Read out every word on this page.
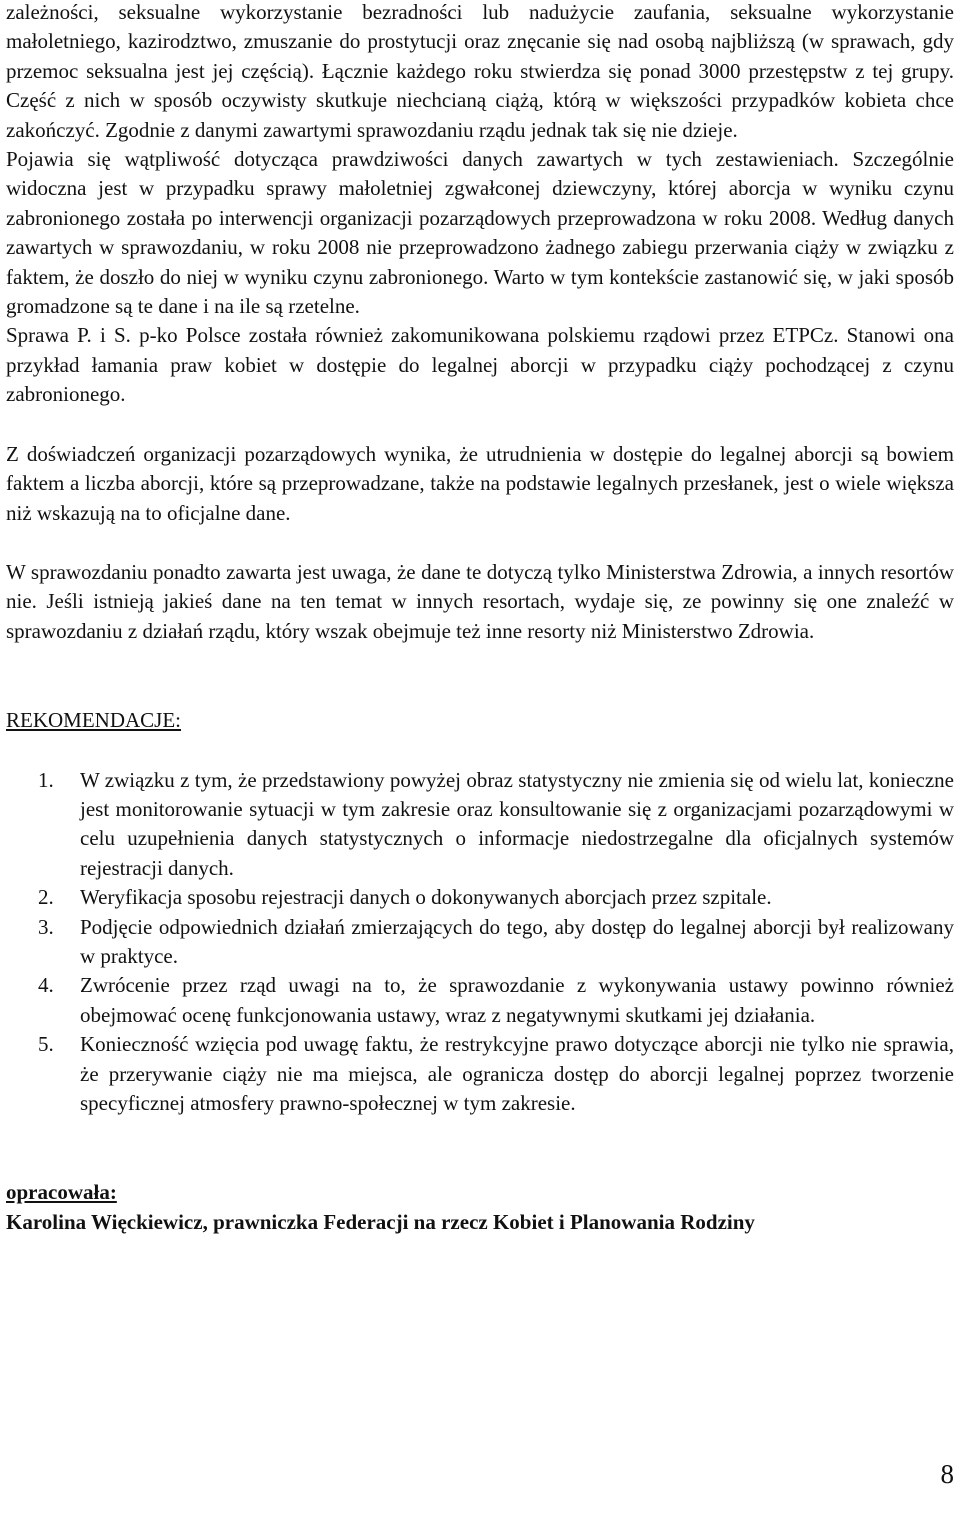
zależności, seksualne wykorzystanie bezradności lub nadużycie zaufania, seksualne wykorzystanie małoletniego, kazirodztwo, zmuszanie do prostytucji oraz znęcanie się nad osobą najbliższą (w sprawach, gdy przemoc seksualna jest jej częścią). Łącznie każdego roku stwierdza się ponad 3000 przestępstw z tej grupy. Część z nich w sposób oczywisty skutkuje niechcianą ciążą, którą w większości przypadków kobieta chce zakończyć. Zgodnie z danymi zawartymi sprawozdaniu rządu jednak tak się nie dzieje.

Pojawia się wątpliwość dotycząca prawdziwości danych zawartych w tych zestawieniach. Szczególnie widoczna jest w przypadku sprawy małoletniej zgwałconej dziewczyny, której aborcja w wyniku czynu zabronionego została po interwencji organizacji pozarządowych przeprowadzona w roku 2008. Według danych zawartych w sprawozdaniu, w roku 2008 nie przeprowadzono żadnego zabiegu przerwania ciąży w związku z faktem, że doszło do niej w wyniku czynu zabronionego. Warto w tym kontekście zastanowić się, w jaki sposób gromadzone są te dane i na ile są rzetelne.

Sprawa P. i S. p-ko Polsce została również zakomunikowana polskiemu rządowi przez ETPCz. Stanowi ona przykład łamania praw kobiet w dostępie do legalnej aborcji w przypadku ciąży pochodzącej z czynu zabronionego.

Z doświadczeń organizacji pozarządowych wynika, że utrudnienia w dostępie do legalnej aborcji są bowiem faktem a liczba aborcji, które są przeprowadzane, także na podstawie legalnych przesłanek, jest o wiele większa niż wskazują na to oficjalne dane.

W sprawozdaniu ponadto zawarta jest uwaga, że dane te dotyczą tylko Ministerstwa Zdrowia, a innych resortów nie. Jeśli istnieją jakieś dane na ten temat w innych resortach, wydaje się, ze powinny się one znaleźć w sprawozdaniu z działań rządu, który wszak obejmuje też inne resorty niż Ministerstwo Zdrowia.

REKOMENDACJE:

1. W związku z tym, że przedstawiony powyżej obraz statystyczny nie zmienia się od wielu lat, konieczne jest monitorowanie sytuacji w tym zakresie oraz konsultowanie się z organizacjami pozarządowymi w celu uzupełnienia danych statystycznych o informacje niedostrzegalne dla oficjalnych systemów rejestracji danych.
2. Weryfikacja sposobu rejestracji danych o dokonywanych aborcjach przez szpitale.
3. Podjęcie odpowiednich działań zmierzających do tego, aby dostęp do legalnej aborcji był realizowany w praktyce.
4. Zwrócenie przez rząd uwagi na to, że sprawozdanie z wykonywania ustawy powinno również obejmować ocenę funkcjonowania ustawy, wraz z negatywnymi skutkami jej działania.
5. Konieczność wzięcia pod uwagę faktu, że restrykcyjne prawo dotyczące aborcji nie tylko nie sprawia, że przerywanie ciąży nie ma miejsca, ale ogranicza dostęp do aborcji legalnej poprzez tworzenie specyficznej atmosfery prawno-społecznej w tym zakresie.

opracowała:

Karolina Więckiewicz, prawniczka Federacji na rzecz Kobiet i Planowania Rodziny

8
